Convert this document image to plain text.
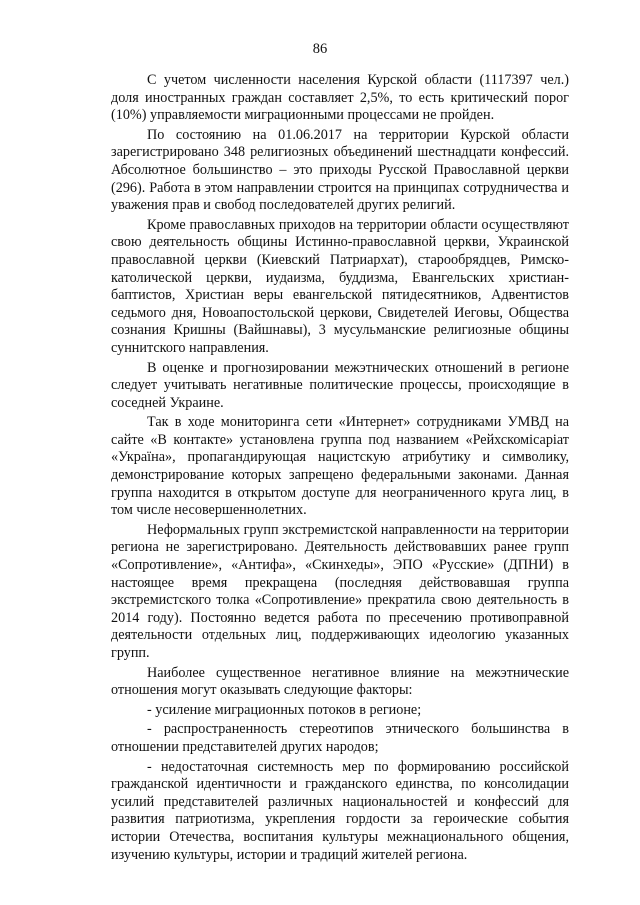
86

С учетом численности населения Курской области (1117397 чел.) доля иностранных граждан составляет 2,5%, то есть критический порог (10%) управляемости миграционными процессами не пройден.

По состоянию на 01.06.2017 на территории Курской области зарегистрировано 348 религиозных объединений шестнадцати конфессий. Абсолютное большинство – это приходы Русской Православной церкви (296). Работа в этом направлении строится на принципах сотрудничества и уважения прав и свобод последователей других религий.

Кроме православных приходов на территории области осуществляют свою деятельность общины Истинно-православной церкви, Украинской православной церкви (Киевский Патриархат), старообрядцев, Римско-католической церкви, иудаизма, буддизма, Евангельских христиан-баптистов, Христиан веры евангельской пятидесятников, Адвентистов седьмого дня, Новоапостольской церкови, Свидетелей Иеговы, Общества сознания Кришны (Вайшнавы), 3 мусульманские религиозные общины суннитского направления.

В оценке и прогнозировании межэтнических отношений в регионе следует учитывать негативные политические процессы, происходящие в соседней Украине.

Так в ходе мониторинга сети «Интернет» сотрудниками УМВД на сайте «В контакте» установлена группа под названием «Рейхскомісаріат «Україна», пропагандирующая нацистскую атрибутику и символику, демонстрирование которых запрещено федеральными законами. Данная группа находится в открытом доступе для неограниченного круга лиц, в том числе несовершеннолетних.

Неформальных групп экстремистской направленности на территории региона не зарегистрировано. Деятельность действовавших ранее групп «Сопротивление», «Антифа», «Скинхеды», ЭПО «Русские» (ДПНИ) в настоящее время прекращена (последняя действовавшая группа экстремистского толка «Сопротивление» прекратила свою деятельность в 2014 году). Постоянно ведется работа по пресечению противоправной деятельности отдельных лиц, поддерживающих идеологию указанных групп.

Наиболее существенное негативное влияние на межэтнические отношения могут оказывать следующие факторы:

- усиление миграционных потоков в регионе;

- распространенность стереотипов этнического большинства в отношении представителей других народов;

- недостаточная системность мер по формированию российской гражданской идентичности и гражданского единства, по консолидации усилий представителей различных национальностей и конфессий для развития патриотизма, укрепления гордости за героические события истории Отечества, воспитания культуры межнационального общения, изучению культуры, истории и традиций жителей региона.
